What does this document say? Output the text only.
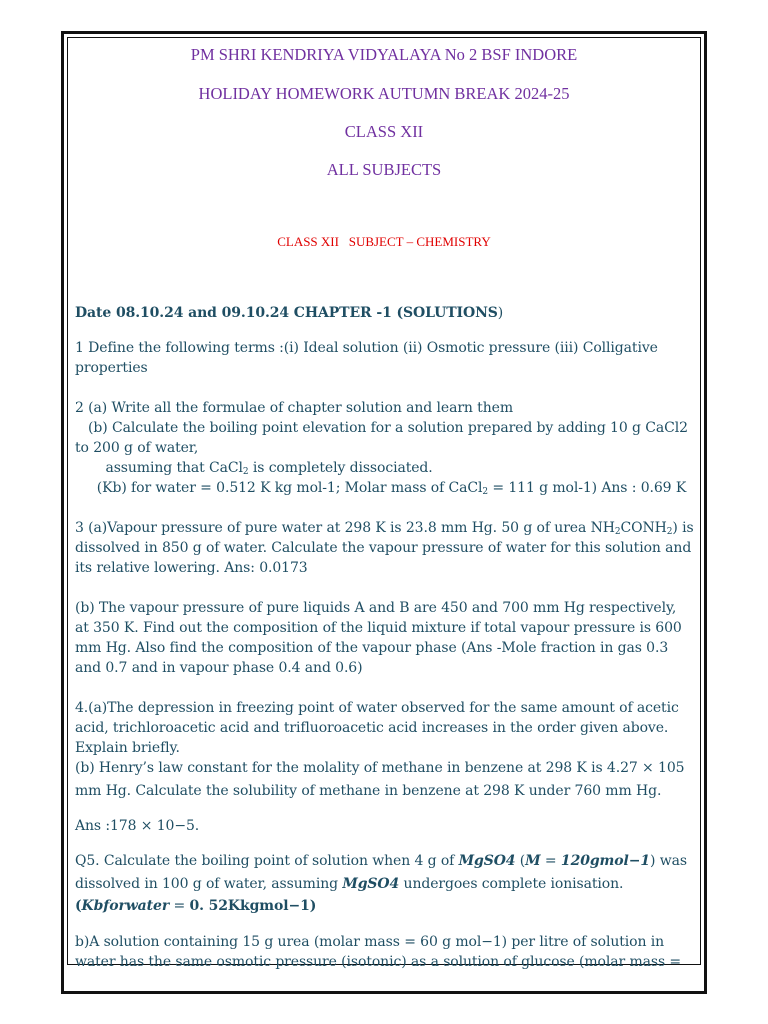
PM SHRI KENDRIYA VIDYALAYA No 2 BSF INDORE
HOLIDAY HOMEWORK AUTUMN BREAK 2024-25
CLASS XII
ALL SUBJECTS
CLASS XII   SUBJECT – CHEMISTRY
Date 08.10.24 and 09.10.24 CHAPTER -1 (SOLUTIONS)
1 Define the following terms :(i) Ideal solution (ii) Osmotic pressure (iii) Colligative
properties
2 (a) Write all the formulae of chapter solution and learn them
(b) Calculate the boiling point elevation for a solution prepared by adding 10 g CaCl2
to 200 g of water,
assuming that CaCl$_2$ is completely dissociated.
(Kb) for water = 0.512 K kg mol-1; Molar mass of CaCl$_2$ = 111 g mol-1) Ans : 0.69 K
3 (a)Vapour pressure of pure water at 298 K is 23.8 mm Hg. 50 g of urea $NH_2CONH_2$) is
dissolved in 850 g of water. Calculate the vapour pressure of water for this solution and
its relative lowering. Ans: 0.0173
(b) The vapour pressure of pure liquids A and B are 450 and 700 mm Hg respectively,
at 350 K. Find out the composition of the liquid mixture if total vapour pressure is 600
mm Hg. Also find the composition of the vapour phase (Ans -Mole fraction in gas 0.3
and 0.7 and in vapour phase 0.4 and 0.6)
4.(a)The depression in freezing point of water observed for the same amount of acetic
acid, trichloroacetic acid and trifluoroacetic acid increases in the order given above.
Explain briefly.
(b) Henry’s law constant for the molality of methane in benzene at 298 K is 4.27 × 105
mm Hg. Calculate the solubility of methane in benzene at 298 K under 760 mm Hg.
Ans :178 × 10−5.
Q5. Calculate the boiling point of solution when 4 g of MgSO4 (M = 120gmol−1) was
dissolved in 100 g of water, assuming MgSO4 undergoes complete ionisation.
(Kbforwater = 0. 52Kkgmol−1)
b)A solution containing 15 g urea (molar mass = 60 g mol−1) per litre of solution in
water has the same osmotic pressure (isotonic) as a solution of glucose (molar mass =
